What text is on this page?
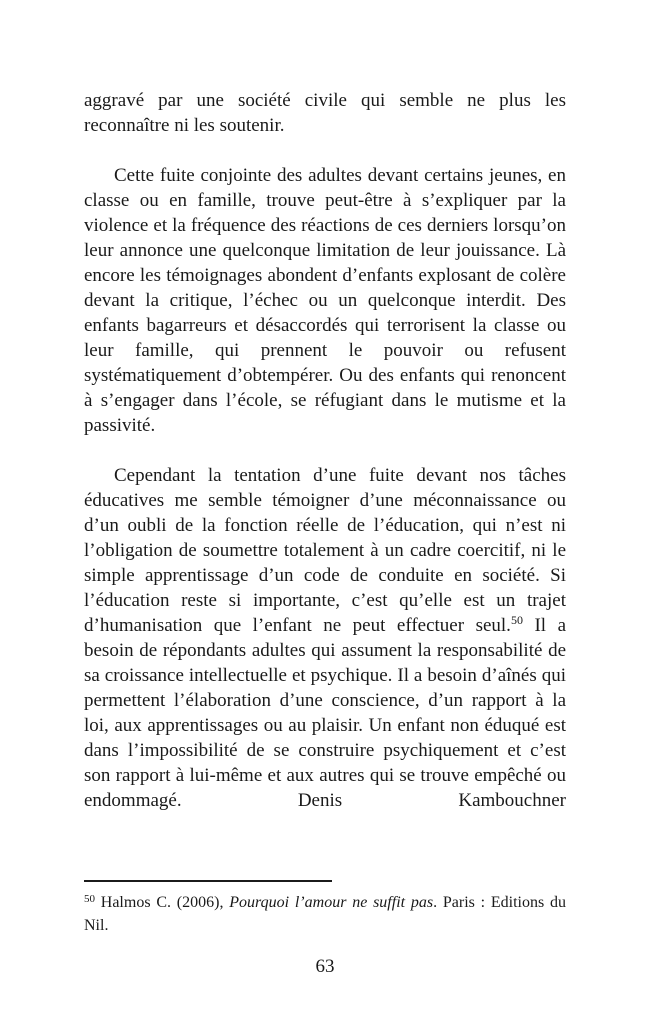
aggravé par une société civile qui semble ne plus les reconnaître ni les soutenir.

Cette fuite conjointe des adultes devant certains jeunes, en classe ou en famille, trouve peut-être à s’expliquer par la violence et la fréquence des réactions de ces derniers lorsqu’on leur annonce une quelconque limitation de leur jouissance. Là encore les témoignages abondent d’enfants explosant de colère devant la critique, l’échec ou un quelconque interdit. Des enfants bagarreurs et désaccordés qui terrorisent la classe ou leur famille, qui prennent le pouvoir ou refusent systématiquement d’obtempérer. Ou des enfants qui renoncent à s’engager dans l’école, se réfugiant dans le mutisme et la passivité.

Cependant la tentation d’une fuite devant nos tâches éducatives me semble témoigner d’une méconnaissance ou d’un oubli de la fonction réelle de l’éducation, qui n’est ni l’obligation de soumettre totalement à un cadre coercitif, ni le simple apprentissage d’un code de conduite en société. Si l’éducation reste si importante, c’est qu’elle est un trajet d’humanisation que l’enfant ne peut effectuer seul.$^{50}$ Il a besoin de répondants adultes qui assument la responsabilité de sa croissance intellectuelle et psychique. Il a besoin d’aînés qui permettent l’élaboration d’une conscience, d’un rapport à la loi, aux apprentissages ou au plaisir. Un enfant non éduqué est dans l’impossibilité de se construire psychiquement et c’est son rapport à lui-même et aux autres qui se trouve empêché ou endommagé. Denis Kambouchner

$^{50}$ Halmos C. (2006), Pourquoi l’amour ne suffit pas. Paris : Editions du Nil.

63
